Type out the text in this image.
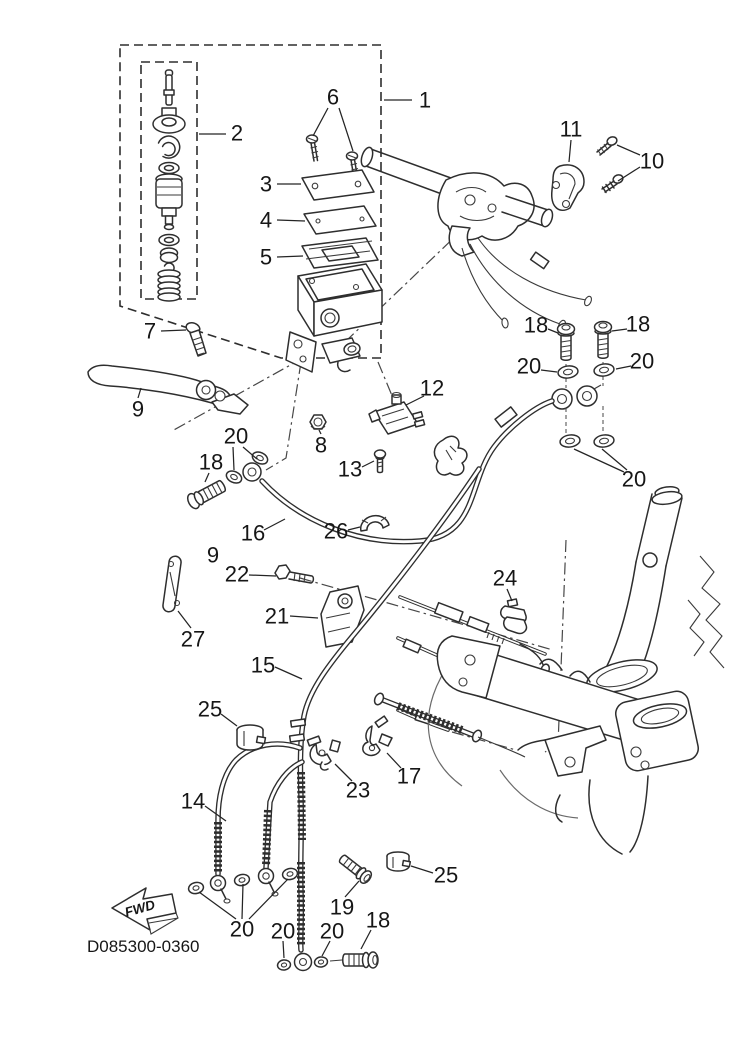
FWD
D085300-0360
1
2
6
3
4
5
7
9
11
10
18	18
20	20
20
12
8
13
20
18
16	26
9
22
21
27
15
24
25
23
17
14
19
25
18
20 20 20
